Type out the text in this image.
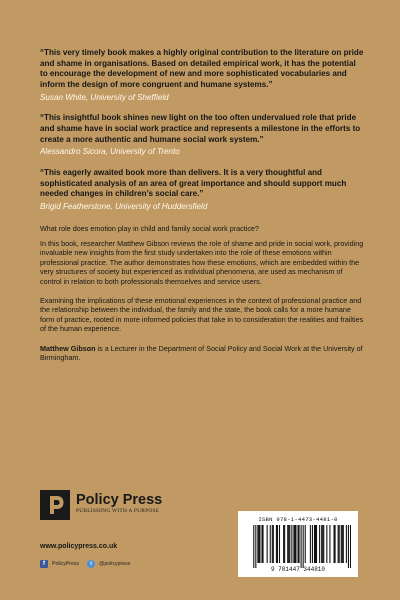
“This very timely book makes a highly original contribution to the literature on pride and shame in organisations. Based on detailed empirical work, it has the potential to encourage the development of new and more sophisticated vocabularies and inform the design of more congruent and humane systems.”

Susan White, University of Sheffield

“This insightful book shines new light on the too often undervalued role that pride and shame have in social work practice and represents a milestone in the efforts to create a more authentic and humane social work system.”

Alessandro Sicora, University of Trento

“This eagerly awaited book more than delivers. It is a very thoughtful and sophisticated analysis of an area of great importance and should support much needed changes in children’s social care.”

Brigid Featherstone, University of Huddersfield

What role does emotion play in child and family social work practice?

In this book, researcher Matthew Gibson reviews the role of shame and pride in social work, providing invaluable new insights from the first study undertaken into the role of these emotions within professional practice. The author demonstrates how these emotions, which are embedded within the very structures of society but experienced as individual phenomena, are used as mechanism of control in relation to both professionals themselves and service users.

Examining the implications of these emotional experiences in the context of professional practice and the relationship between the individual, the family and the state, the book calls for a more humane form of practice, rooted in more informed policies that take in to consideration the realities and frailties of the human experience.

Matthew Gibson is a Lecturer in the Department of Social Policy and Social Work at the University of Birmingham.

Policy Press
PUBLISHING WITH A PURPOSE
www.policypress.co.uk
f	PolicyPress	t	@policypress

ISBN 978-1-4473-4481-0

9 781447 344810
